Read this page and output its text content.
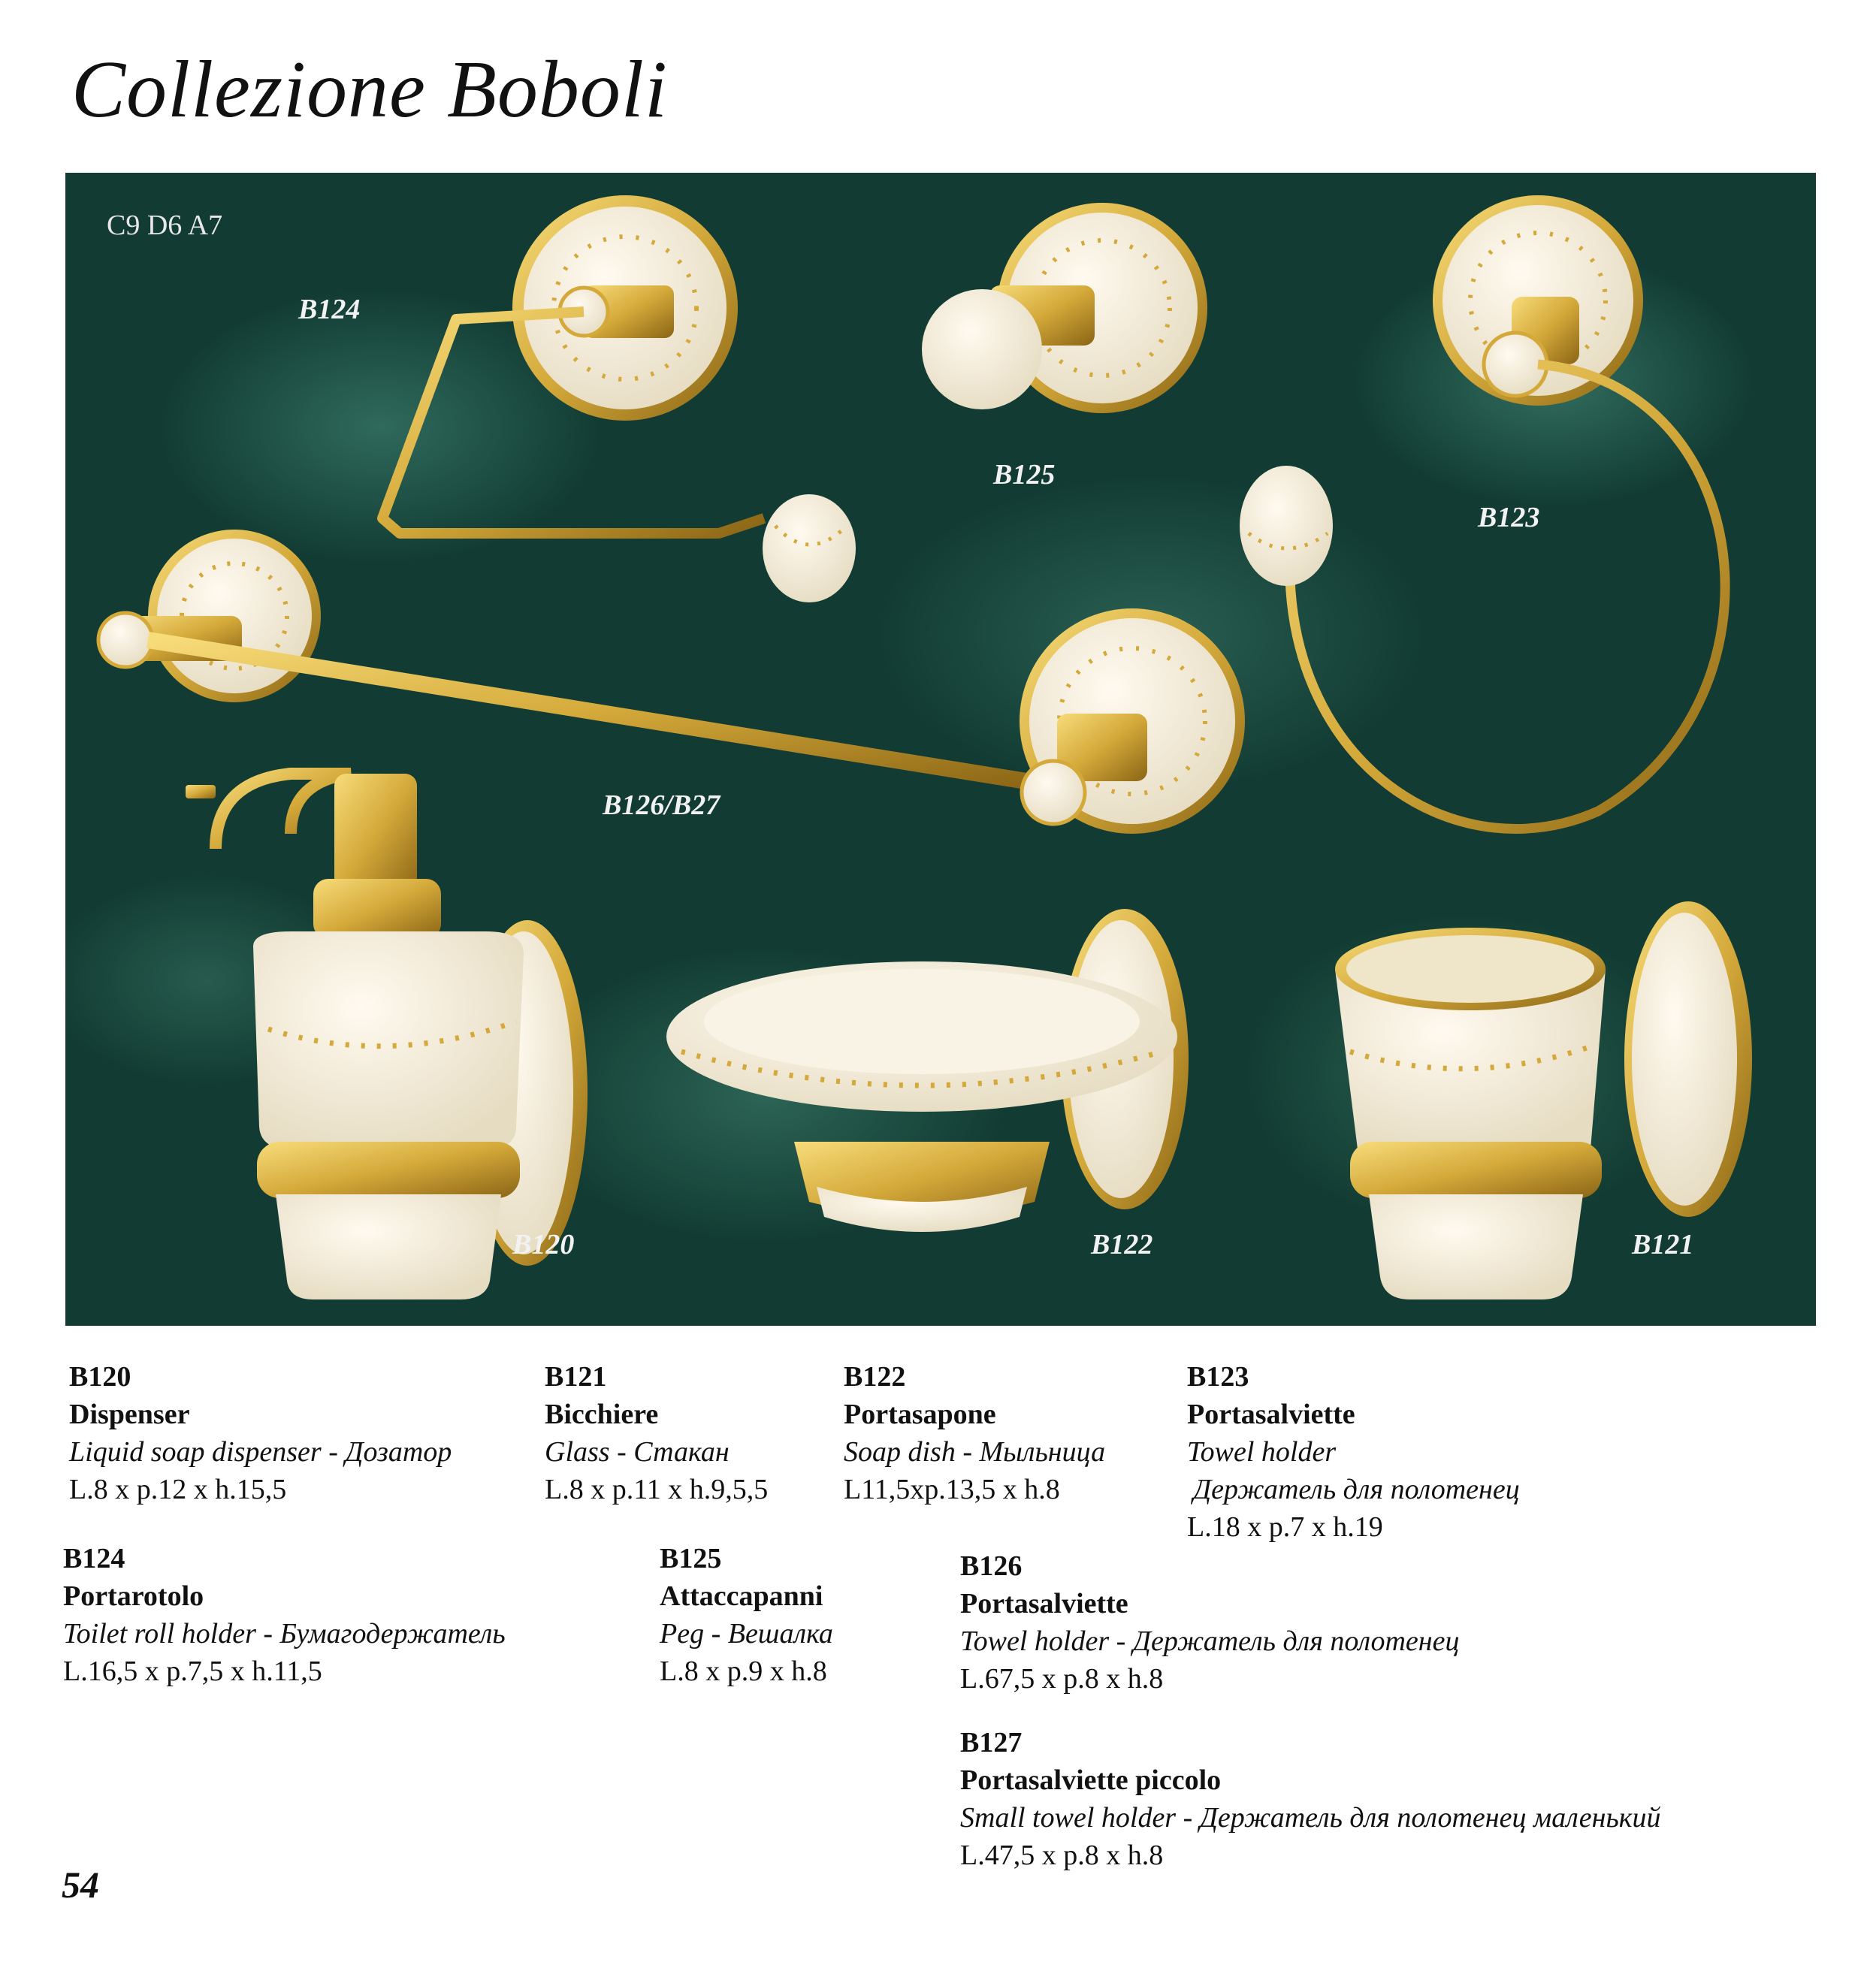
Collezione Boboli
C9 D6 A7
B124
B125
B123
B126/B27
B120	B122	B121
B120
Dispenser
Liquid soap dispenser - Дозатор
L.8 x p.12 x h.15,5
B121
Bicchiere
Glass - Стакан
L.8 x p.11 x h.9,5,5
B122
Portasapone
Soap dish - Мыльница
L11,5xp.13,5 x h.8
B123
Portasalviette
Towel holder
Держатель для полотенец
L.18 x p.7 x h.19
B124
Portarotolo
Toilet roll holder - Бумагодержатель
L.16,5 x p.7,5 x h.11,5
B125
Attaccapanni
Peg - Вешалка
L.8 x p.9 x h.8
B126
Portasalviette
Towel holder - Держатель для полотенец
L.67,5 x p.8 x h.8
B127
Portasalviette piccolo
Small towel holder - Держатель для полотенец маленький
L.47,5 x p.8 x h.8
54
